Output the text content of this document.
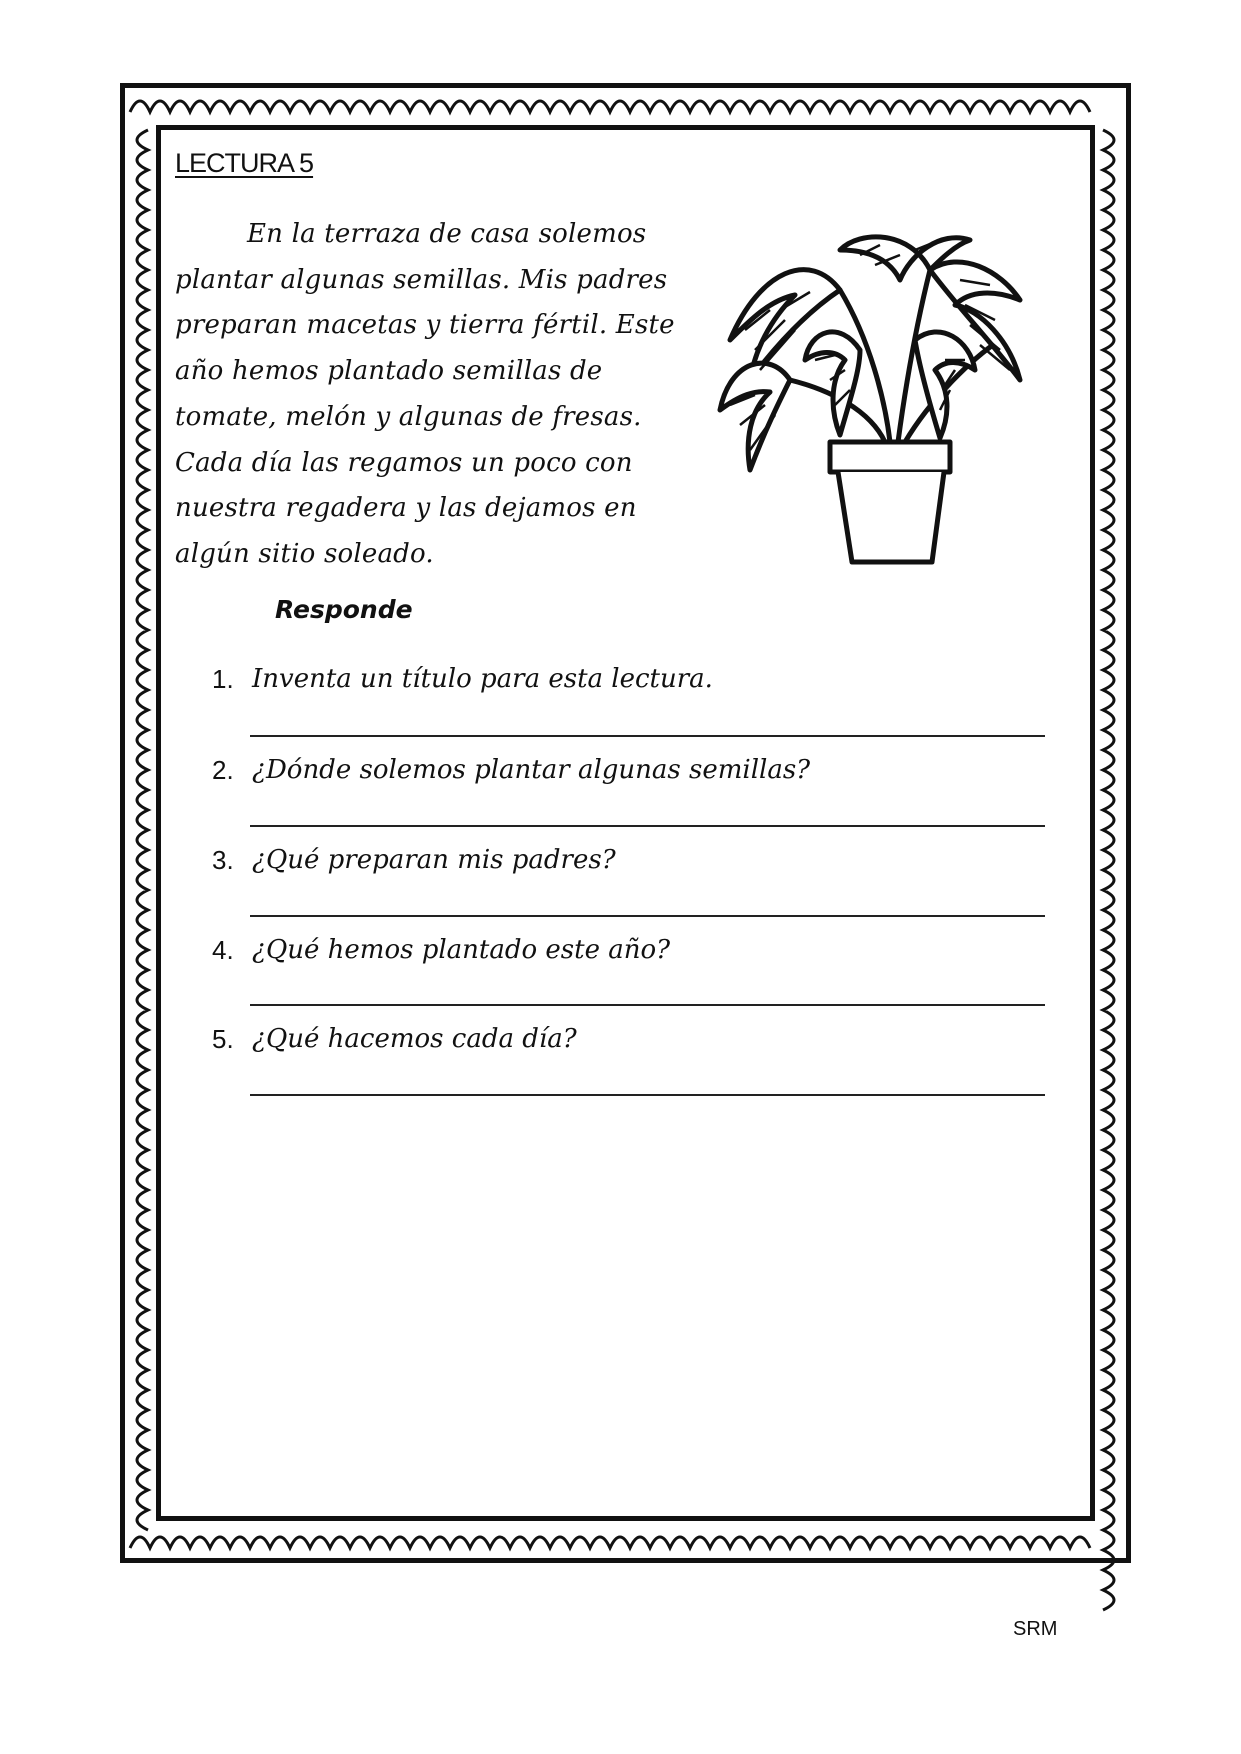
LECTURA 5
En la terraza de casa solemos
plantar algunas semillas. Mis padres
preparan macetas y tierra fértil. Este
año hemos plantado semillas de
tomate, melón y algunas de fresas.
Cada día las regamos un poco con
nuestra regadera y las dejamos en
algún sitio soleado.
Responde
1. Inventa un título para esta lectura.
2. ¿Dónde solemos plantar algunas semillas?
3. ¿Qué preparan mis padres?
4. ¿Qué hemos plantado este año?
5. ¿Qué hacemos cada día?
SRM
